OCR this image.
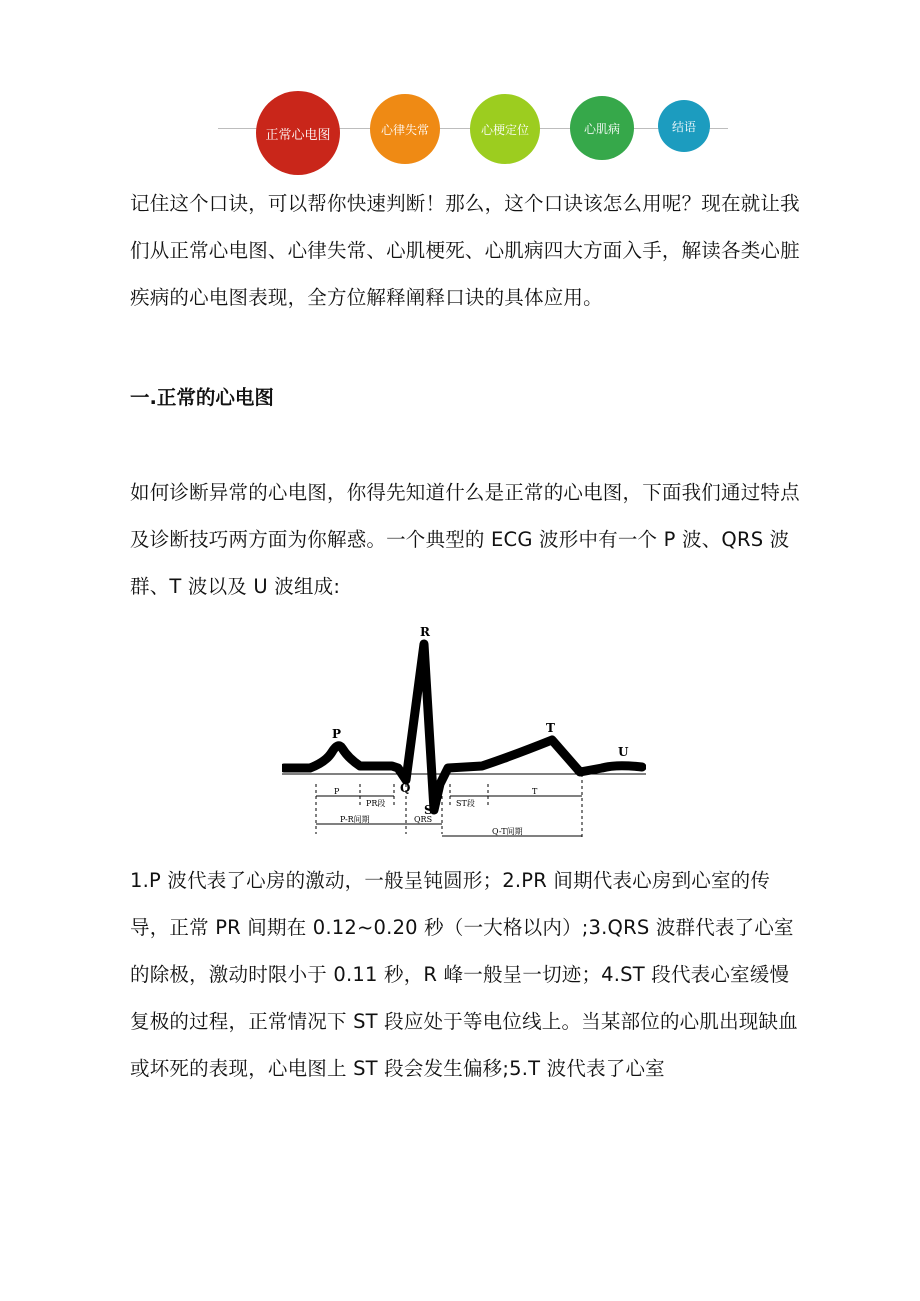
正常心电图	心律失常	心梗定位	心肌病	结语

记住这个口诀，可以帮你快速判断！那么，这个口诀该怎么用呢？现在就让我们从正常心电图、心律失常、心肌梗死、心肌病四大方面入手，解读各类心脏疾病的心电图表现，全方位解释阐释口诀的具体应用。

一.正常的心电图

如何诊断异常的心电图，你得先知道什么是正常的心电图，下面我们通过特点及诊断技巧两方面为你解惑。一个典型的 ECG 波形中有一个 P 波、QRS 波群、T 波以及 U 波组成:

R
P
Q
S
T
U
P
PR段	ST段
T
P-R间期	QRS
Q-T间期

1.P 波代表了心房的激动，一般呈钝圆形；2.PR 间期代表心房到心室的传导，正常 PR 间期在 0.12~0.20 秒（一大格以内）;3.QRS 波群代表了心室的除极，激动时限小于 0.11 秒，R 峰一般呈一切迹；4.ST 段代表心室缓慢复极的过程，正常情况下 ST 段应处于等电位线上。当某部位的心肌出现缺血或坏死的表现，心电图上 ST 段会发生偏移;5.T 波代表了心室
